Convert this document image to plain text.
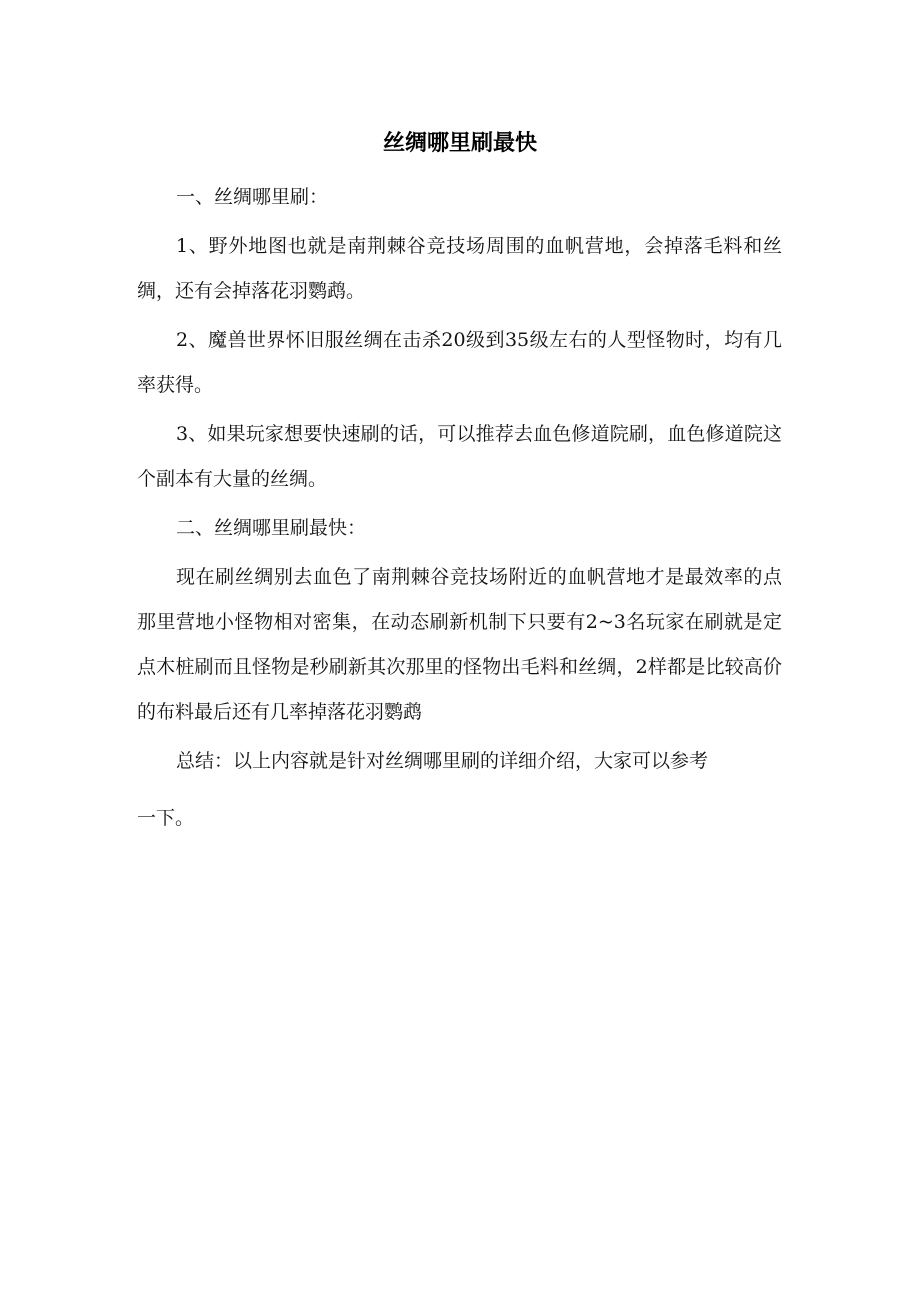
丝绸哪里刷最快

一、丝绸哪里刷：

1、野外地图也就是南荆棘谷竞技场周围的血帆营地，会掉落毛料和丝绸，还有会掉落花羽鹦鹉。

2、魔兽世界怀旧服丝绸在击杀20级到35级左右的人型怪物时，均有几率获得。

3、如果玩家想要快速刷的话，可以推荐去血色修道院刷，血色修道院这个副本有大量的丝绸。

二、丝绸哪里刷最快：

现在刷丝绸别去血色了南荆棘谷竞技场附近的血帆营地才是最效率的点那里营地小怪物相对密集，在动态刷新机制下只要有2~3名玩家在刷就是定点木桩刷而且怪物是秒刷新其次那里的怪物出毛料和丝绸，2样都是比较高价的布料最后还有几率掉落花羽鹦鹉

总结：以上内容就是针对丝绸哪里刷的详细介绍，大家可以参考

一下。
